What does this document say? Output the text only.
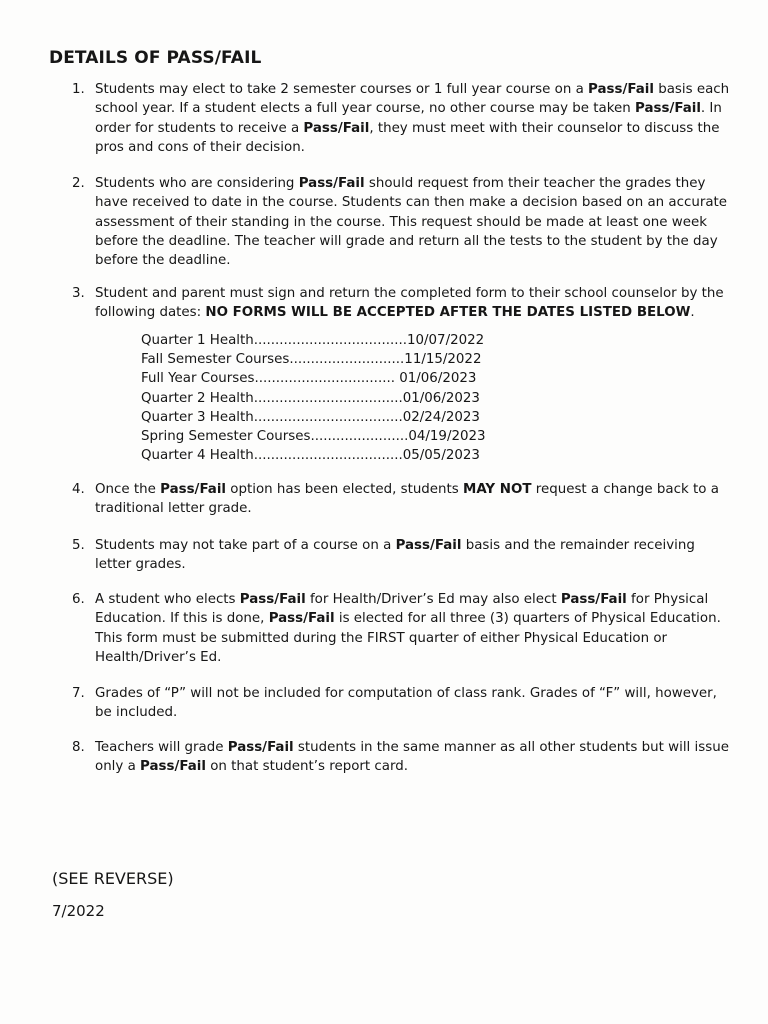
DETAILS OF PASS/FAIL
1. Students may elect to take 2 semester courses or 1 full year course on a Pass/Fail basis each school year. If a student elects a full year course, no other course may be taken Pass/Fail. In order for students to receive a Pass/Fail, they must meet with their counselor to discuss the pros and cons of their decision.
2. Students who are considering Pass/Fail should request from their teacher the grades they have received to date in the course. Students can then make a decision based on an accurate assessment of their standing in the course. This request should be made at least one week before the deadline. The teacher will grade and return all the tests to the student by the day before the deadline.
3. Student and parent must sign and return the completed form to their school counselor by the following dates: NO FORMS WILL BE ACCEPTED AFTER THE DATES LISTED BELOW.
Quarter 1 Health....................................10/07/2022
Fall Semester Courses...........................11/15/2022
Full Year Courses................................. 01/06/2023
Quarter 2 Health...................................01/06/2023
Quarter 3 Health...................................02/24/2023
Spring Semester Courses.......................04/19/2023
Quarter 4 Health...................................05/05/2023
4. Once the Pass/Fail option has been elected, students MAY NOT request a change back to a traditional letter grade.
5. Students may not take part of a course on a Pass/Fail basis and the remainder receiving letter grades.
6. A student who elects Pass/Fail for Health/Driver’s Ed may also elect Pass/Fail for Physical Education. If this is done, Pass/Fail is elected for all three (3) quarters of Physical Education. This form must be submitted during the FIRST quarter of either Physical Education or Health/Driver’s Ed.
7. Grades of “P” will not be included for computation of class rank. Grades of “F” will, however, be included.
8. Teachers will grade Pass/Fail students in the same manner as all other students but will issue only a Pass/Fail on that student’s report card.
(SEE REVERSE)
7/2022
